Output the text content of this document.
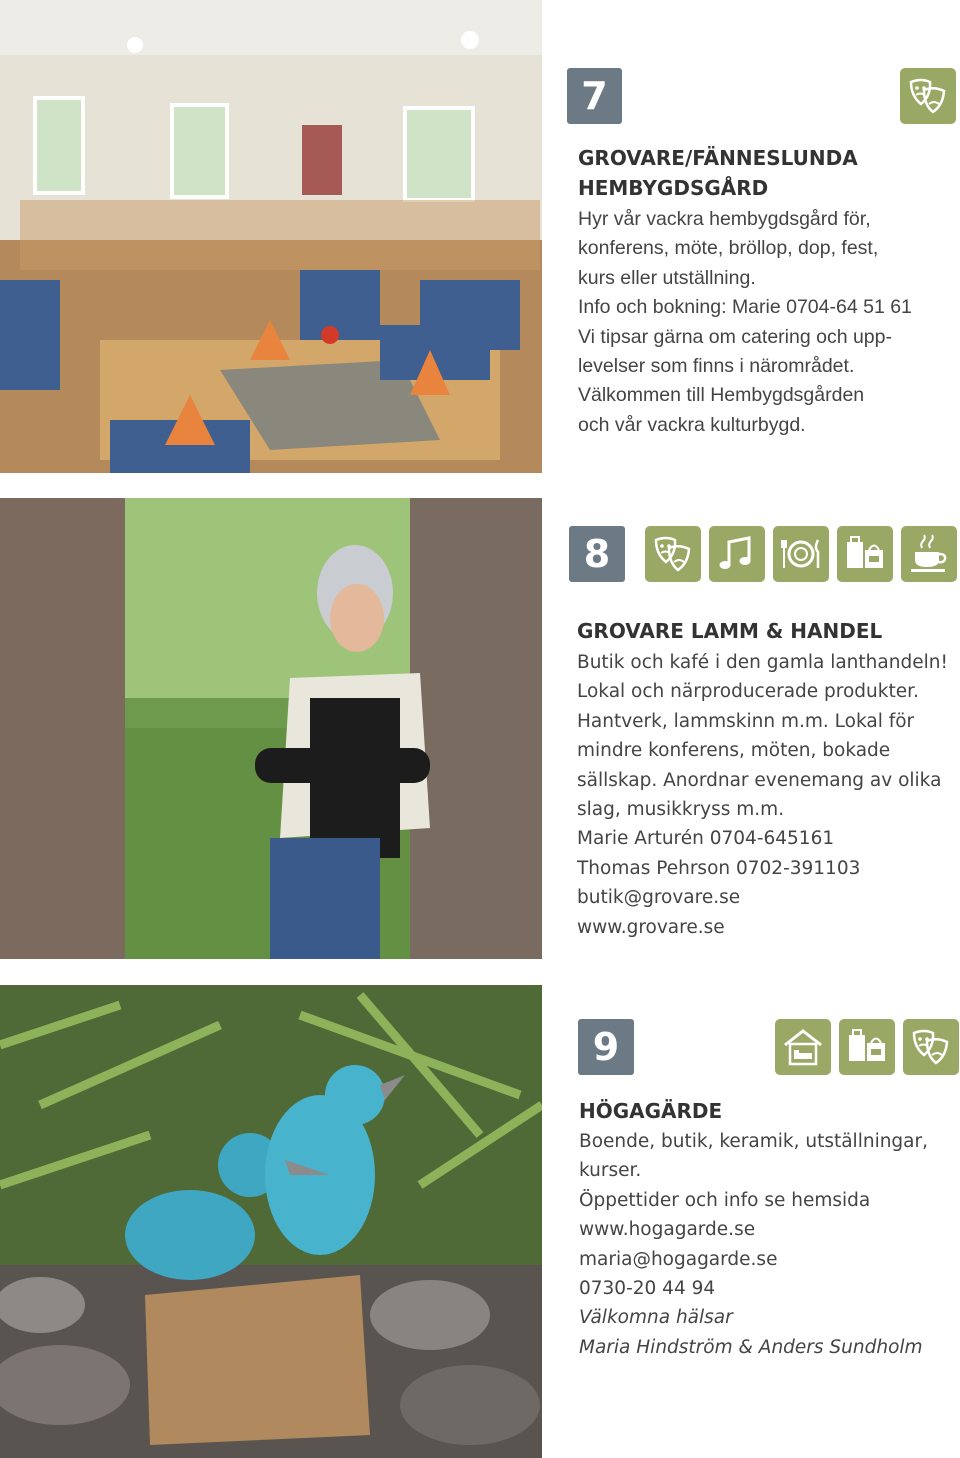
7
GROVARE/FÄNNESLUNDA
HEMBYGDSGÅRD
Hyr vår vackra hembygdsgård för,
konferens, möte, bröllop, dop, fest,
kurs eller utställning.
Info och bokning: Marie 0704-64 51 61
Vi tipsar gärna om catering och upp-
levelser som finns i närområdet.
Välkommen till Hembygdsgården
och vår vackra kulturbygd.
8
GROVARE LAMM & HANDEL
Butik och kafé i den gamla lanthandeln!
Lokal och närproducerade produkter.
Hantverk, lammskinn m.m. Lokal för
mindre konferens, möten, bokade
sällskap. Anordnar evenemang av olika
slag, musikkryss m.m.
Marie Arturén 0704-645161
Thomas Pehrson 0702-391103
butik@grovare.se
www.grovare.se
9
HÖGAGÄRDE
Boende, butik, keramik, utställningar,
kurser.
Öppettider och info se hemsida
www.hogagarde.se
maria@hogagarde.se
0730-20 44 94
Välkomna hälsar
Maria Hindström & Anders Sundholm
